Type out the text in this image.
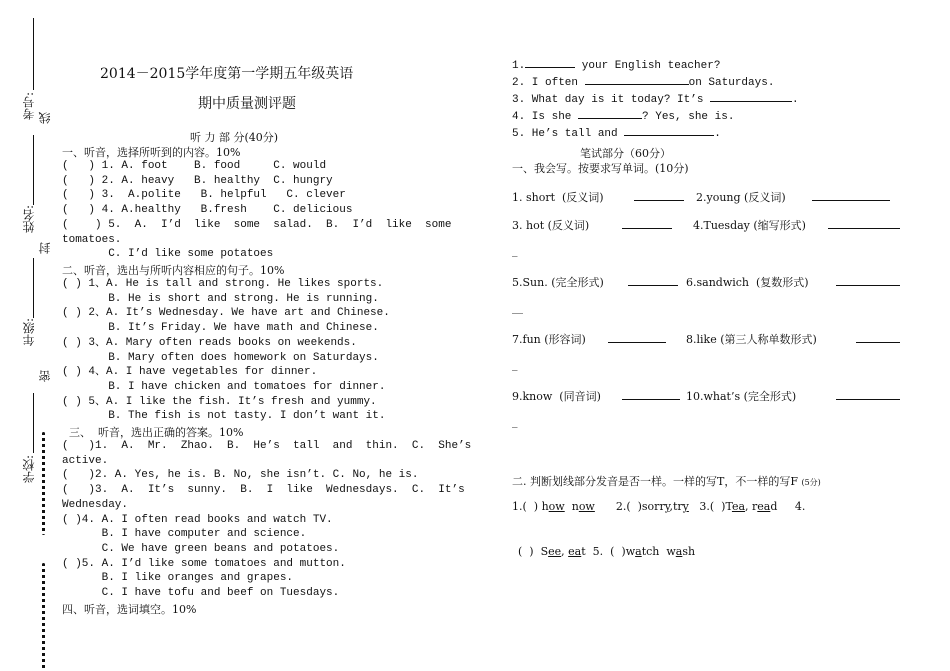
考号: 线
姓名:
封
年级:
密
学校:
2014－2015学年度第一学期五年级英语
期中质量测评题
听 力 部 分(40分)
一、听音，选择所听到的内容。10%
(   ) 1. A. foot    B. food     C. would
(   ) 2. A. heavy   B. healthy  C. hungry
(   ) 3.  A.polite   B. helpful   C. clever
(   ) 4. A.healthy   B.fresh    C. delicious
(    ) 5.  A.  I’d  like  some  salad.  B.  I’d  like  some
tomatoes.
C. I’d like some potatoes
二、听音，选出与所听内容相应的句子。10%
( ) 1、A. He is tall and strong. He likes sports.
B. He is short and strong. He is running.
( ) 2、A. It’s Wednesday. We have art and Chinese.
B. It’s Friday. We have math and Chinese.
( ) 3、A. Mary often reads books on weekends.
B. Mary often does homework on Saturdays.
( ) 4、A. I have vegetables for dinner.
B. I have chicken and tomatoes for dinner.
( ) 5、A. I like the fish. It’s fresh and yummy.
B. The fish is not tasty. I don’t want it.
三、  听音，选出正确的答案。10%
(   )1.  A.  Mr.  Zhao.  B.  He’s  tall  and  thin.  C.  She’s
active.
(   )2. A. Yes, he is. B. No, she isn’t. C. No, he is.
(   )3.  A.  It’s  sunny.  B.  I  like  Wednesdays.  C.  It’s
Wednesday.
( )4. A. I often read books and watch TV.
B. I have computer and science.
C. We have green beans and potatoes.
( )5. A. I’d like some tomatoes and mutton.
B. I like oranges and grapes.
C. I have tofu and beef on Tuesdays.
四、听音，选词填空。10%
1.	your English teacher?
2. I often	on Saturdays.
3. What day is it today? It’s	.
4. Is she	? Yes, she is.
5. He’s tall and	.
笔试部分（60分）
一、我会写。按要求写单词。(10分)
1. short  (反义词)	2.young (反义词)
3. hot (反义词)	4.Tuesday (缩写形式)
_
5.Sun. (完全形式)	6.sandwich  (复数形式)
__
7.fun (形容词)	8.like (第三人称单数形式)
_
9.know  (同音词)	10.what’s (完全形式)
_
二. 判断划线部分发音是否一样。一样的写T，不一样的写F (5分)
1.(  ) how now 2.(  )sorry,try 3.(  )Tea, read 4.
(  ) See, eat 5.  (  )watch  wash
